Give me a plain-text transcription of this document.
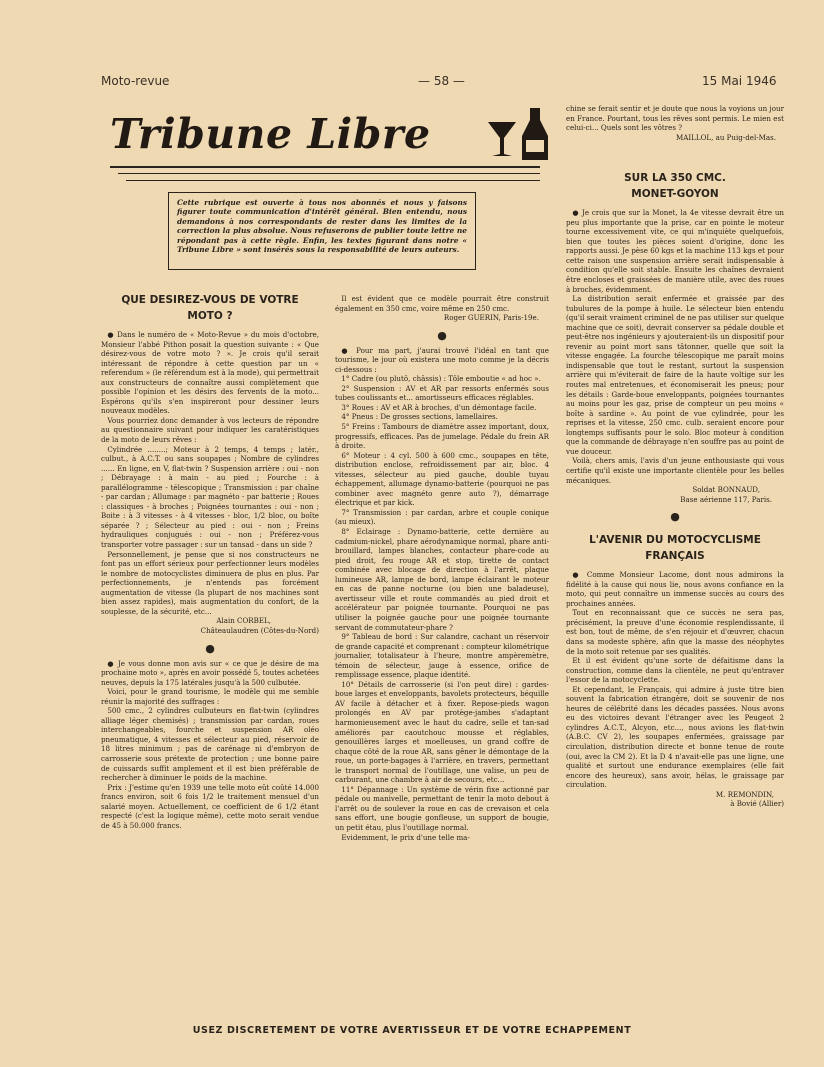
Moto-revue	— 58 —	15 Mai 1946
Tribune Libre
Cette rubrique est ouverte à tous nos abonnés et nous y faisons figurer toute communication d'intérêt général. Bien entendu, nous demandons à nos correspondants de rester dans les limites de la correction la plus absolue. Nous refuserons de publier toute lettre ne répondant pas à cette règle. Enfin, les textes figurant dans notre « Tribune Libre » sont insérés sous la responsabilité de leurs auteurs.
QUE DESIREZ-VOUS DE VOTRE MOTO ?

● Dans le numéro de « Moto-Revue » du mois d'octobre, Monsieur l'abbé Pithon posait la question suivante : « Que désirez-vous de votre moto ? ». Je crois qu'il serait intéressant de répondre à cette question par un « referendum » (le référendum est à la mode), qui permettrait aux constructeurs de connaître aussi complètement que possible l'opinion et les désirs des fervents de la moto... Espérons qu'ils s'en inspireront pour dessiner leurs nouveaux modèles.

Vous pourriez donc demander à vos lecteurs de répondre au questionnaire suivant pour indiquer les caratéristiques de la moto de leurs rêves :

Cylindrée ........; Moteur à 2 temps, 4 temps ; latér., culbut., à A.C.T. ou sans soupapes ; Nombre de cylindres ...... En ligne, en V, flat-twin ? Suspension arrière : oui - non ; Débrayage : à main - au pied ; Fourche : à parallélogramme - télescopique ; Transmission : par chaîne - par cardan ; Allumage : par magnéto - par batterie ; Roues : classiques - à broches ; Poignées tournantes : oui - non ; Boite : à 3 vitesses - à 4 vitesses - bloc, 1/2 bloc, ou boîte séparée ? ; Sélecteur au pied : oui - non ; Freins hydrauliques conjugués : oui - non ; Préférez-vous transporter votre passager : sur un tansad - dans un side ?

Personnellement, je pense que si nos constructeurs ne font pas un effort sérieux pour perfectionner leurs modèles le nombre de motocyclistes diminuera de plus en plus. Par perfectionnements, je n'entends pas forcément augmentation de vitesse (la plupart de nos machines sont bien assez rapides), mais augmentation du confort, de la souplesse, de la sécurité, etc...

Alain CORBEL,

Châteaulaudren (Côtes-du-Nord)

●

● Je vous donne mon avis sur « ce que je désire de ma prochaine moto », après en avoir possédé 5, toutes achetées neuves, depuis la 175 latérales jusqu'à la 500 culbutée.

Voici, pour le grand tourisme, le modèle qui me semble réunir la majorité des suffrages :

500 cmc., 2 cylindres culbuteurs en flat-twin (cylindres alliage léger chemisés) ; transmission par cardan, roues interchangeables, fourche et suspension AR oléo pneumatique, 4 vitesses et sélecteur au pied, réservoir de 18 litres minimum ; pas de carénage ni d'embryon de carrosserie sous prétexte de protection ; une bonne paire de cuissards suffit amplement et il est bien préférable de rechercher à diminuer le poids de la machine.

Prix : J'estime qu'en 1939 une telle moto eût coûté 14.000 francs environ, soit 6 fois 1/2 le traitement mensuel d'un salarié moyen. Actuellement, ce coefficient de 6 1/2 étant respecté (c'est la logique même), cette moto serait vendue de 45 à 50.000 francs.

Il est évident que ce modèle pourrait être construit également en 350 cmc, voire même en 250 cmc.

Roger GUERIN, Paris-19e.

●

● Pour ma part, j'aurai trouvé l'idéal en tant que tourisme, le jour où existera une moto comme je la décris ci-dessous :

1° Cadre (ou plutô, châssis) : Tôle emboutie « ad hoc ».

2° Suspension : AV et AR par ressorts enfermés sous tubes coulissants et... amortisseurs efficaces réglables.

3° Roues : AV et AR à broches, d'un démontage facile.

4° Pneus : De grosses sections, lamellaires.

5° Freins : Tambours de diamètre assez important, doux, progressifs, efficaces. Pas de jumelage. Pédale du frein AR à droite.

6° Moteur : 4 cyl. 500 à 600 cmc., soupapes en tête, distribution enclose, refroidissement par air, bloc. 4 vitesses, sélecteur au pied gauche, double tuyau échappement, allumage dynamo-batterie (pourquoi ne pas combiner avec magnéto genre auto ?), démarrage électrique et par kick.

7° Transmission : par cardan, arbre et couple conique (au mieux).

8° Eclairage : Dynamo-batterie, cette dernière au cadmium-nickel, phare aérodynamique normal, phare anti-brouillard, lampes blanches, contacteur phare-code au pied droit, feu rouge AR et stop, tirette de contact combinée avec blocage de direction à l'arrêt, plaque lumineuse AR, lampe de bord, lampe éclairant le moteur en cas de panne nocturne (ou bien une baladeuse), avertisseur ville et route commandés au pied droit et accélérateur par poignée tournante. Pourquoi ne pas utiliser la poignée gauche pour une poignée tournante servant de commutateur-phare ?

9° Tableau de bord : Sur calandre, cachant un réservoir de grande capacité et comprenant : compteur kilométrique journalier, totalisateur à l'heure, montre ampèremètre, témoin de sélecteur, jauge à essence, orifice de remplissage essence, plaque identité.

10° Détails de carrosserie (si l'on peut dire) : gardes-boue larges et enveloppants, bavolets protecteurs, béquille AV facile à détacher et à fixer. Repose-pieds wagon prolongés en AV par protège-jambes s'adaptant harmonieusement avec le haut du cadre, selle et tan-sad améliorés par caoutchouc mousse et réglables, genouillères larges et moelleuses, un grand coffre de chaque côté de la roue AR, sans gêner le démontage de la roue, un porte-bagages à l'arrière, en travers, permettant le transport normal de l'outillage, une valise, un peu de carburant, une chambre à air de secours, etc...

11° Dépannage : Un système de vérin fixe actionné par pédale ou manivelle, permettant de tenir la moto debout à l'arrêt ou de soulever la roue en cas de crevaison et cela sans effort, une bougie gonfleuse, un support de bougie, un petit étau, plus l'outillage normal.

Evidemment, le prix d'une telle ma-

chine se ferait sentir et je doute que nous la voyions un jour en France. Pourtant, tous les rêves sont permis. Le mien est celui-ci... Quels sont les vôtres ?

MAILLOL, au Puig-del-Mas.

SUR LA 350 CMC. MONET-GOYON

● Je crois que sur la Monet, la 4e vitesse devrait être un peu plus importante que la prise, car en pointe le moteur tourne excessivement vite, ce qui m'inquiète quelquefois, bien que toutes les pièces soient d'origine, donc les rapports aussi. Je pèse 60 kgs et la machine 113 kgs et pour cette raison une suspension arrière serait indispensable à condition qu'elle soit stable. Ensuite les chaînes devraient être encloses et graissées de manière utile, avec des roues à broches, évidemment.

La distribution serait enfermée et graissée par des tubulures de la pompe à huile. Le sélecteur bien entendu (qu'il serait vraiment criminel de ne pas utiliser sur quelque machine que ce soit), devrait conserver sa pédale double et peut-être nos ingénieurs y ajouteraient-ils un dispositif pour revenir au point mort sans tâtonner, quelle que soit la vitesse engagée. La fourche télescopique me paraît moins indispensable que tout le restant, surtout la suspension arrière qui m'éviterait de faire de la haute voltige sur les routes mal entretenues, et économiserait les pneus; pour les détails : Garde-boue enveloppants, poignées tournantes au moins pour les gaz, prise de compteur un peu moins « boîte à sardine ». Au point de vue cylindrée, pour les reprises et la vitesse, 250 cmc. culb. seraient encore pour longtemps suffisants pour le solo. Bloc moteur à condition que la commande de débrayage n'en souffre pas au point de vue douceur.

Voilà, chers amis, l'avis d'un jeune enthousiaste qui vous certifie qu'il existe une importante clientèle pour les belles mécaniques.

Soldat BONNAUD,

Base aérienne 117, Paris.

●
L'AVENIR DU MOTOCYCLISME FRANÇAIS

● Comme Monsieur Lacome, dont nous admirons la fidélité à la cause qui nous lie, nous avons confiance en la moto, qui peut connaître un immense succès au cours des prochaines années.

Tout en reconnaissant que ce succès ne sera pas, précisément, la preuve d'une économie resplendissante, il est bon, tout de même, de s'en réjouir et d'œuvrer, chacun dans sa modeste sphère, afin que la masse des néophytes de la moto soit retenue par ses qualités.

Et il est évident qu'une sorte de défaitisme dans la construction, comme dans la clientèle, ne peut qu'entraver l'essor de la motocyclette.

Et cependant, le Français, qui admire à juste titre bien souvent la fabrication étrangère, doit se souvenir de nos heures de célébrité dans les décades passées. Nous avons eu des victoires devant l'étranger avec les Peugeot 2 cylindres A.C.T., Alcyon, etc..., nous avions les flat-twin (A.B.C. CV 2), les soupapes enfermées, graissage par circulation, distribution directe et bonne tenue de route (oui, avec la CM 2). Et la D 4 n'avait-elle pas une ligne, une qualité et surtout une endurance exemplaires (elle fait encore des heureux), sans avoir, hélas, le graissage par circulation.

M. REMONDIN,

à Bovié (Allier)

USEZ DISCRETEMENT DE VOTRE AVERTISSEUR ET DE VOTRE ECHAPPEMENT
